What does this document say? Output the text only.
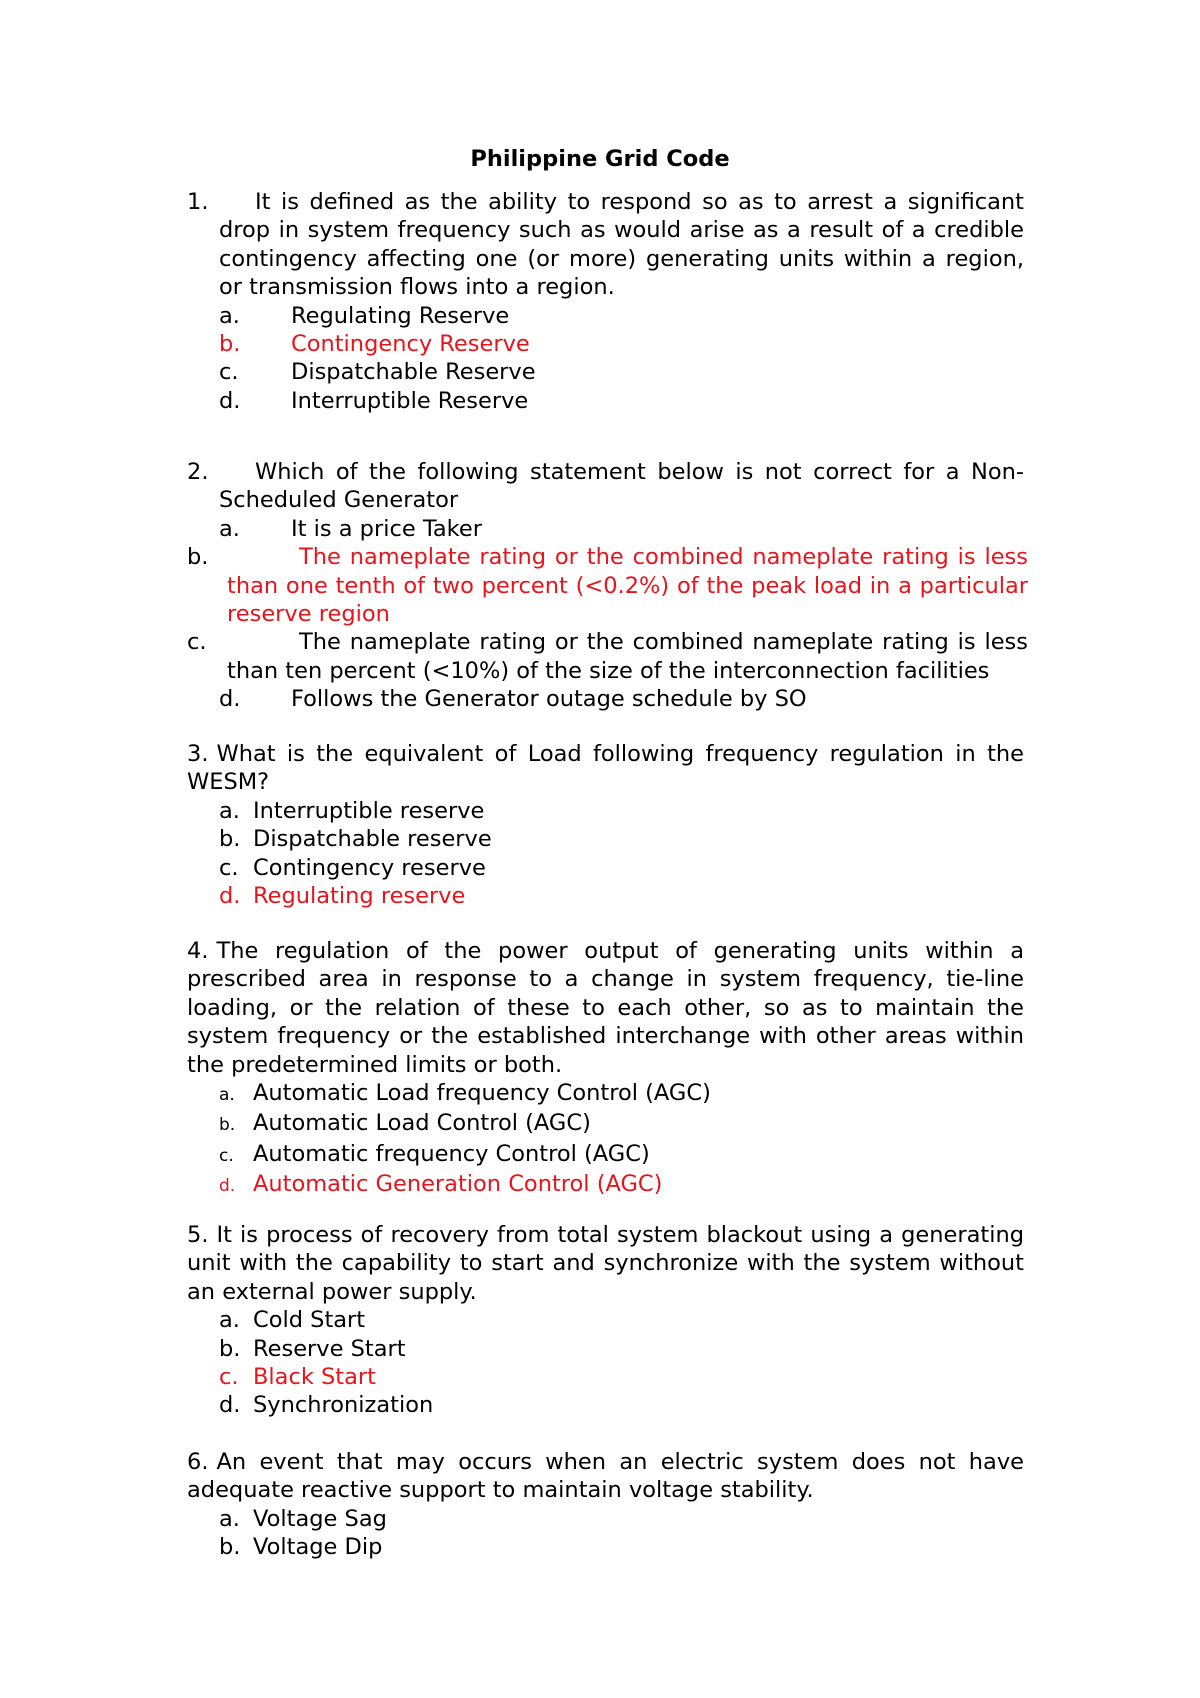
Philippine Grid Code
1. It is defined as the ability to respond so as to arrest a significant drop in system frequency such as would arise as a result of a credible contingency affecting one (or more) generating units within a region, or transmission flows into a region.
a. Regulating Reserve
b. Contingency Reserve
c. Dispatchable Reserve
d. Interruptible Reserve
2. Which of the following statement below is not correct for a Non-Scheduled Generator
a. It is a price Taker
b.	The nameplate rating or the combined nameplate rating is less than one tenth of two percent (<0.2%) of the peak load in a particular reserve region
c.	The nameplate rating or the combined nameplate rating is less than ten percent (<10%) of the size of the interconnection facilities
d. Follows the Generator outage schedule by SO
3. What is the equivalent of Load following frequency regulation in the WESM?
a. Interruptible reserve
b. Dispatchable reserve
c. Contingency reserve
d. Regulating reserve
4. The regulation of the power output of generating units within a prescribed area in response to a change in system frequency, tie-line loading, or the relation of these to each other, so as to maintain the system frequency or the established interchange with other areas within the predetermined limits or both.
a. Automatic Load frequency Control (AGC)
b. Automatic Load Control (AGC)
c. Automatic frequency Control (AGC)
d. Automatic Generation Control (AGC)
5. It is process of recovery from total system blackout using a generating unit with the capability to start and synchronize with the system without an external power supply.
a. Cold Start
b. Reserve Start
c. Black Start
d. Synchronization
6. An event that may occurs when an electric system does not have adequate reactive support to maintain voltage stability.
a. Voltage Sag
b. Voltage Dip
